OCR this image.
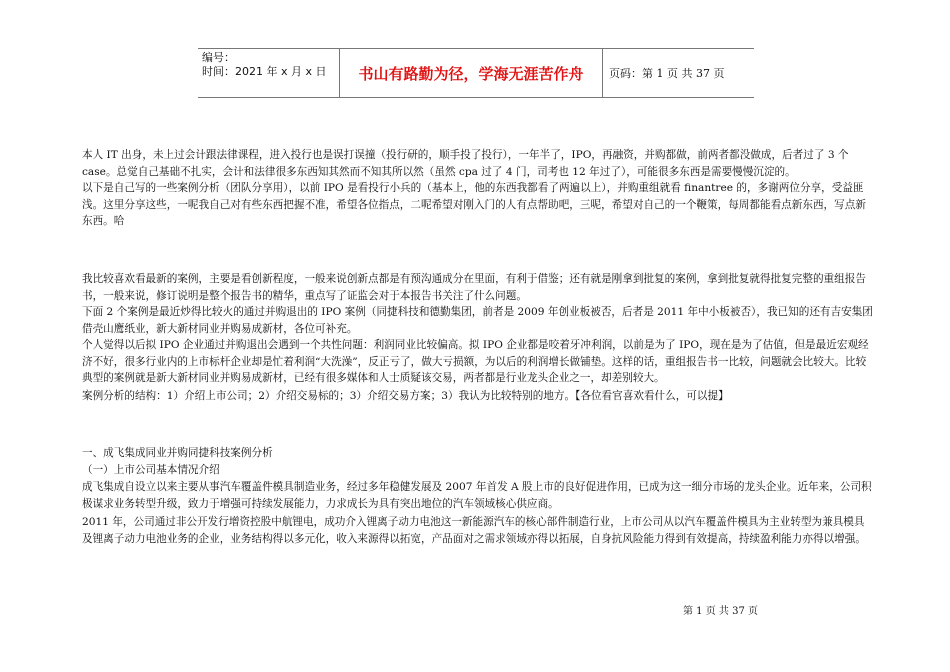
编号：
时间：2021 年 x 月 x 日	书山有路勤为径，学海无涯苦作舟 页码：第 1 页 共 37 页

本人 IT 出身，未上过会计跟法律课程，进入投行也是误打误撞（投行研的，顺手投了投行），一年半了，IPO，再融资，并购都做，前两者都没做成，后者过了 3 个 case。总觉自己基础不扎实，会计和法律很多东西知其然而不知其所以然（虽然 cpa 过了 4 门，司考也 12 年过了），可能很多东西是需要慢慢沉淀的。

以下是自己写的一些案例分析（团队分享用），以前 IPO 是看投行小兵的（基本上，他的东西我都看了两遍以上），并购重组就看 finantree 的，多谢两位分享，受益匪浅。这里分享这些，一呢我自己对有些东西把握不准，希望各位指点，二呢希望对刚入门的人有点帮助吧，三呢，希望对自己的一个鞭策，每周都能看点新东西，写点新东西。哈

我比较喜欢看最新的案例，主要是看创新程度，一般来说创新点都是有预沟通成分在里面，有利于借鉴；还有就是刚拿到批复的案例，拿到批复就得批复完整的重组报告书，一般来说，修订说明是整个报告书的精华，重点写了证监会对于本报告书关注了什么问题。

下面 2 个案例是最近炒得比较火的通过并购退出的 IPO 案例（同捷科技和德勤集团，前者是 2009 年创业板被否，后者是 2011 年中小板被否），我已知的还有吉安集团借壳山鹰纸业，新大新材同业并购易成新材，各位可补充。

个人觉得以后拟 IPO 企业通过并购退出会遇到一个共性问题：利润同业比较偏高。拟 IPO 企业都是咬着牙冲利润，以前是为了 IPO，现在是为了估值，但是最近宏观经济不好，很多行业内的上市标杆企业却是忙着利润“大洗澡”，反正亏了，做大亏损额，为以后的利润增长做铺垫。这样的话，重组报告书一比较，问题就会比较大。比较典型的案例就是新大新材同业并购易成新材，已经有很多媒体和人士质疑该交易，两者都是行业龙头企业之一，却差别较大。

案例分析的结构：1）介绍上市公司；2）介绍交易标的；3）介绍交易方案；3）我认为比较特别的地方。【各位看官喜欢看什么，可以提】

一、成飞集成同业并购同捷科技案例分析

（一）上市公司基本情况介绍

成飞集成自设立以来主要从事汽车覆盖件模具制造业务，经过多年稳健发展及 2007 年首发 A 股上市的良好促进作用，已成为这一细分市场的龙头企业。近年来，公司积极谋求业务转型升级，致力于增强可持续发展能力，力求成长为具有突出地位的汽车领域核心供应商。

2011 年，公司通过非公开发行增资控股中航锂电，成功介入锂离子动力电池这一新能源汽车的核心部件制造行业，上市公司从以汽车覆盖件模具为主业转型为兼具模具及锂离子动力电池业务的企业，业务结构得以多元化，收入来源得以拓宽，产品面对之需求领域亦得以拓展，自身抗风险能力得到有效提高，持续盈利能力亦得以增强。

第 1 页 共 37 页
